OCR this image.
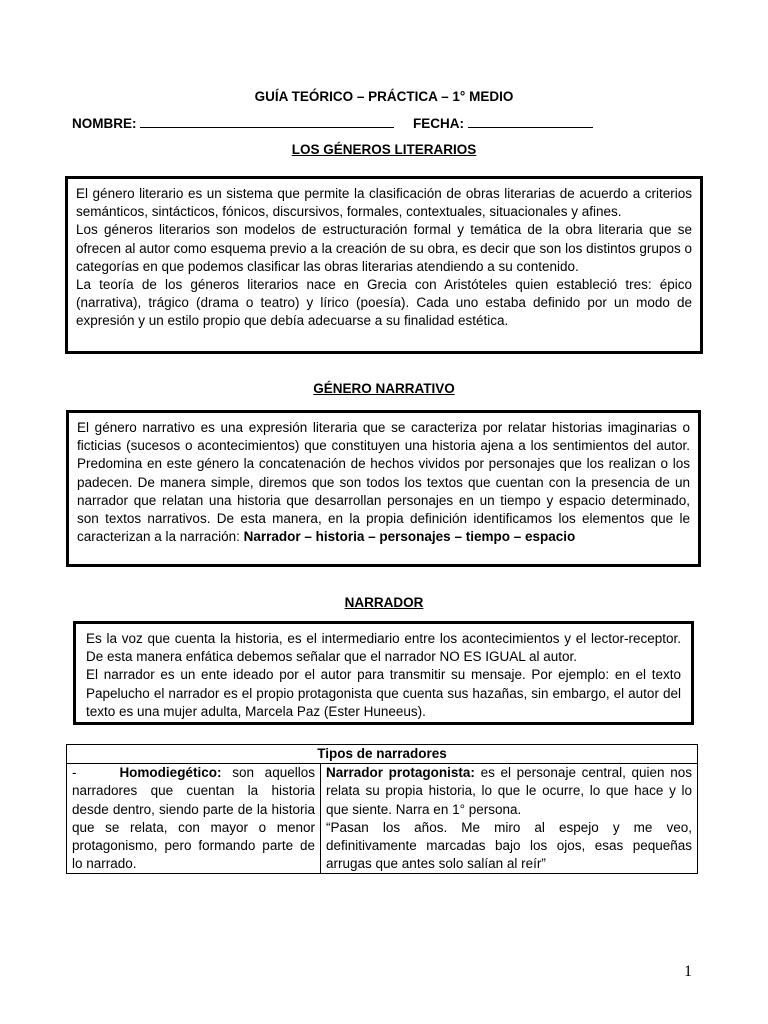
GUÍA TEÓRICO – PRÁCTICA – 1° MEDIO
NOMBRE:	FECHA:
LOS GÉNEROS LITERARIOS

El género literario es un sistema que permite la clasificación de obras literarias de acuerdo a criterios semánticos, sintácticos, fónicos, discursivos, formales, contextuales, situacionales y afines.

Los géneros literarios son modelos de estructuración formal y temática de la obra literaria que se ofrecen al autor como esquema previo a la creación de su obra, es decir que son los distintos grupos o categorías en que podemos clasificar las obras literarias atendiendo a su contenido.

La teoría de los géneros literarios nace en Grecia con Aristóteles quien estableció tres: épico (narrativa), trágico (drama o teatro) y lírico (poesía). Cada uno estaba definido por un modo de expresión y un estilo propio que debía adecuarse a su finalidad estética.

GÉNERO NARRATIVO

El género narrativo es una expresión literaria que se caracteriza por relatar historias imaginarias o ficticias (sucesos o acontecimientos) que constituyen una historia ajena a los sentimientos del autor. Predomina en este género la concatenación de hechos vividos por personajes que los realizan o los padecen. De manera simple, diremos que son todos los textos que cuentan con la presencia de un narrador que relatan una historia que desarrollan personajes en un tiempo y espacio determinado, son textos narrativos. De esta manera, en la propia definición identificamos los elementos que le caracterizan a la narración: Narrador – historia – personajes – tiempo – espacio

NARRADOR

Es la voz que cuenta la historia, es el intermediario entre los acontecimientos y el lector-receptor. De esta manera enfática debemos señalar que el narrador NO ES IGUAL al autor.

El narrador es un ente ideado por el autor para transmitir su mensaje. Por ejemplo: en el texto Papelucho el narrador es el propio protagonista que cuenta sus hazañas, sin embargo, el autor del texto es una mujer adulta, Marcela Paz (Ester Huneeus).

Tipos de narradores
-	Homodiegético: son aquellos narradores que cuentan la historia desde dentro, siendo parte de la historia que se relata, con mayor o menor protagonismo, pero formando parte de lo narrado.	Narrador protagonista: es el personaje central, quien nos relata su propia historia, lo que le ocurre, lo que hace y lo que siente. Narra en 1° persona.
“Pasan los años. Me miro al espejo y me veo, definitivamente marcadas bajo los ojos, esas pequeñas arrugas que antes solo salían al reír”
1
